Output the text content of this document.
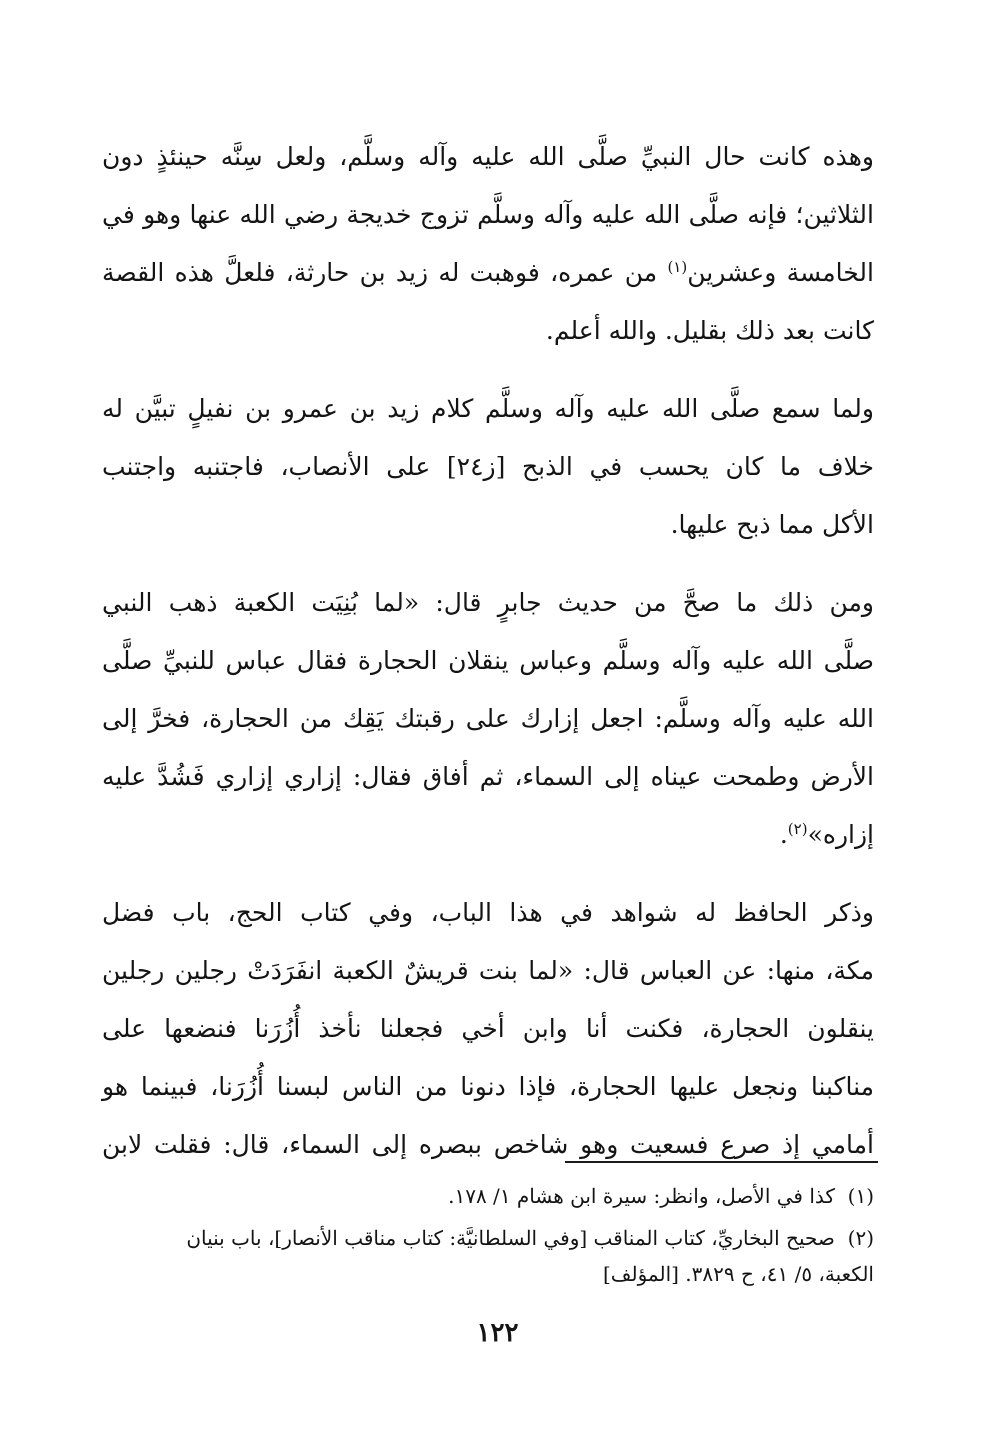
وهذه كانت حال النبيِّ صلَّى الله عليه وآله وسلَّم، ولعل سِنَّه حينئذٍ دون
الثلاثين؛ فإنه صلَّى الله عليه وآله وسلَّم تزوج خديجة رضي الله عنها وهو في
الخامسة وعشرين$^{(١)}$ من عمره، فوهبت له زيد بن حارثة، فلعلَّ هذه القصة
كانت بعد ذلك بقليل. والله أعلم.

ولما سمع صلَّى الله عليه وآله وسلَّم كلام زيد بن عمرو بن نفيلٍ تبيَّن له
خلاف ما كان يحسب في الذبح [ز٢٤] على الأنصاب، فاجتنبه واجتنب
الأكل مما ذبح عليها.

ومن ذلك ما صحَّ من حديث جابرٍ قال: «لما بُنِيَت الكعبة ذهب النبي
صلَّى الله عليه وآله وسلَّم وعباس ينقلان الحجارة فقال عباس للنبيِّ صلَّى
الله عليه وآله وسلَّم: اجعل إزارك على رقبتك يَقِك من الحجارة، فخرَّ إلى
الأرض وطمحت عيناه إلى السماء، ثم أفاق فقال: إزاري إزاري فَشُدَّ عليه
إزاره»$^{(٢)}$.

وذكر الحافظ له شواهد في هذا الباب، وفي كتاب الحج، باب فضل
مكة، منها: عن العباس قال: «لما بنت قريشٌ الكعبة انفَرَدَتْ رجلين رجلين
ينقلون الحجارة، فكنت أنا وابن أخي فجعلنا نأخذ أُزُرَنا فنضعها على
مناكبنا ونجعل عليها الحجارة، فإذا دنونا من الناس لبسنا أُزُرَنا، فبينما هو
أمامي إذ صرع فسعيت وهو شاخص ببصره إلى السماء، قال: فقلت لابن

(١)  كذا في الأصل، وانظر: سيرة ابن هشام ١/ ١٧٨.

(٢)  صحيح البخاريِّ، كتاب المناقب [وفي السلطانيَّة: كتاب مناقب الأنصار]، باب بنيان
الكعبة، ٥/ ٤١، ح ٣٨٢٩. [المؤلف]

١٢٢
